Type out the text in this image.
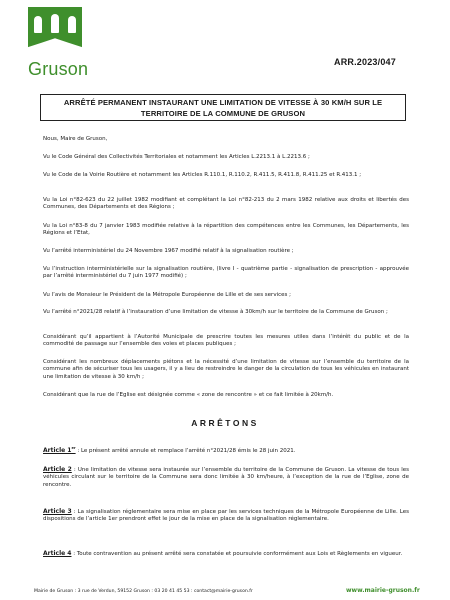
Gruson	ARR.2023/047
ARRÊTÉ PERMANENT INSTAURANT UNE LIMITATION DE VITESSE À 30 KM/H SUR LE
TERRITOIRE DE LA COMMUNE DE GRUSON
Nous, Maire de Gruson,
Vu le Code Général des Collectivités Territoriales et notamment les Articles L.2213.1 à L.2213.6 ;
Vu le Code de la Voirie Routière et notamment les Articles R.110.1, R.110.2, R.411.5, R.411.8, R.411.25 et R.413.1 ;
Vu la Loi n°82-623 du 22 juillet 1982 modifiant et complétant la Loi n°82-213 du 2 mars 1982 relative aux droits et libertés des Communes, des Départements et des Régions ;
Vu la Loi n°83-8 du 7 janvier 1983 modifiée relative à la répartition des compétences entre les Communes, les Départements, les Régions et l’Etat,
Vu l’arrêté interministériel du 24 Novembre 1967 modifié relatif à la signalisation routière ;
Vu l’instruction interministérielle sur la signalisation routière, (livre I - quatrième partie - signalisation de prescription - approuvée par l’arrêté interministériel du 7 juin 1977 modifié) ;
Vu l’avis de Monsieur le Président de la Métropole Européenne de Lille et de ses services ;
Vu l’arrêté n°2021/28 relatif à l’instauration d’une limitation de vitesse à 30km/h sur le territoire de la Commune de Gruson ;
Considérant qu’il appartient à l’Autorité Municipale de prescrire toutes les mesures utiles dans l’intérêt du public et de la commodité de passage sur l’ensemble des voies et places publiques ;
Considérant les nombreux déplacements piétons et la nécessité d’une limitation de vitesse sur l’ensemble du territoire de la commune afin de sécuriser tous les usagers, il y a lieu de restreindre le danger de la circulation de tous les véhicules en instaurant une limitation de vitesse à 30 km/h ;
Considérant que la rue de l’Eglise est désignée comme « zone de rencontre » et ce fait limitée à 20km/h.
ARRÊTONS
Article 1er : Le présent arrêté annule et remplace l’arrêté n°2021/28 émis le 28 juin 2021.
Article 2 : Une limitation de vitesse sera instaurée sur l’ensemble du territoire de la Commune de Gruson. La vitesse de tous les véhicules circulant sur le territoire de la Commune sera donc limitée à 30 km/heure, à l’exception de la rue de l’Eglise, zone de rencontre.
Article 3 : La signalisation réglementaire sera mise en place par les services techniques de la Métropole Européenne de Lille. Les dispositions de l’article 1er prendront effet le jour de la mise en place de la signalisation réglementaire.
Article 4 : Toute contravention au présent arrêté sera constatée et poursuivie conformément aux Lois et Règlements en vigueur.
Mairie de Gruson : 3 rue de Verdun, 59152 Gruson : 03 20 41 45 53 : contact@mairie-gruson.fr	www.mairie-gruson.fr
